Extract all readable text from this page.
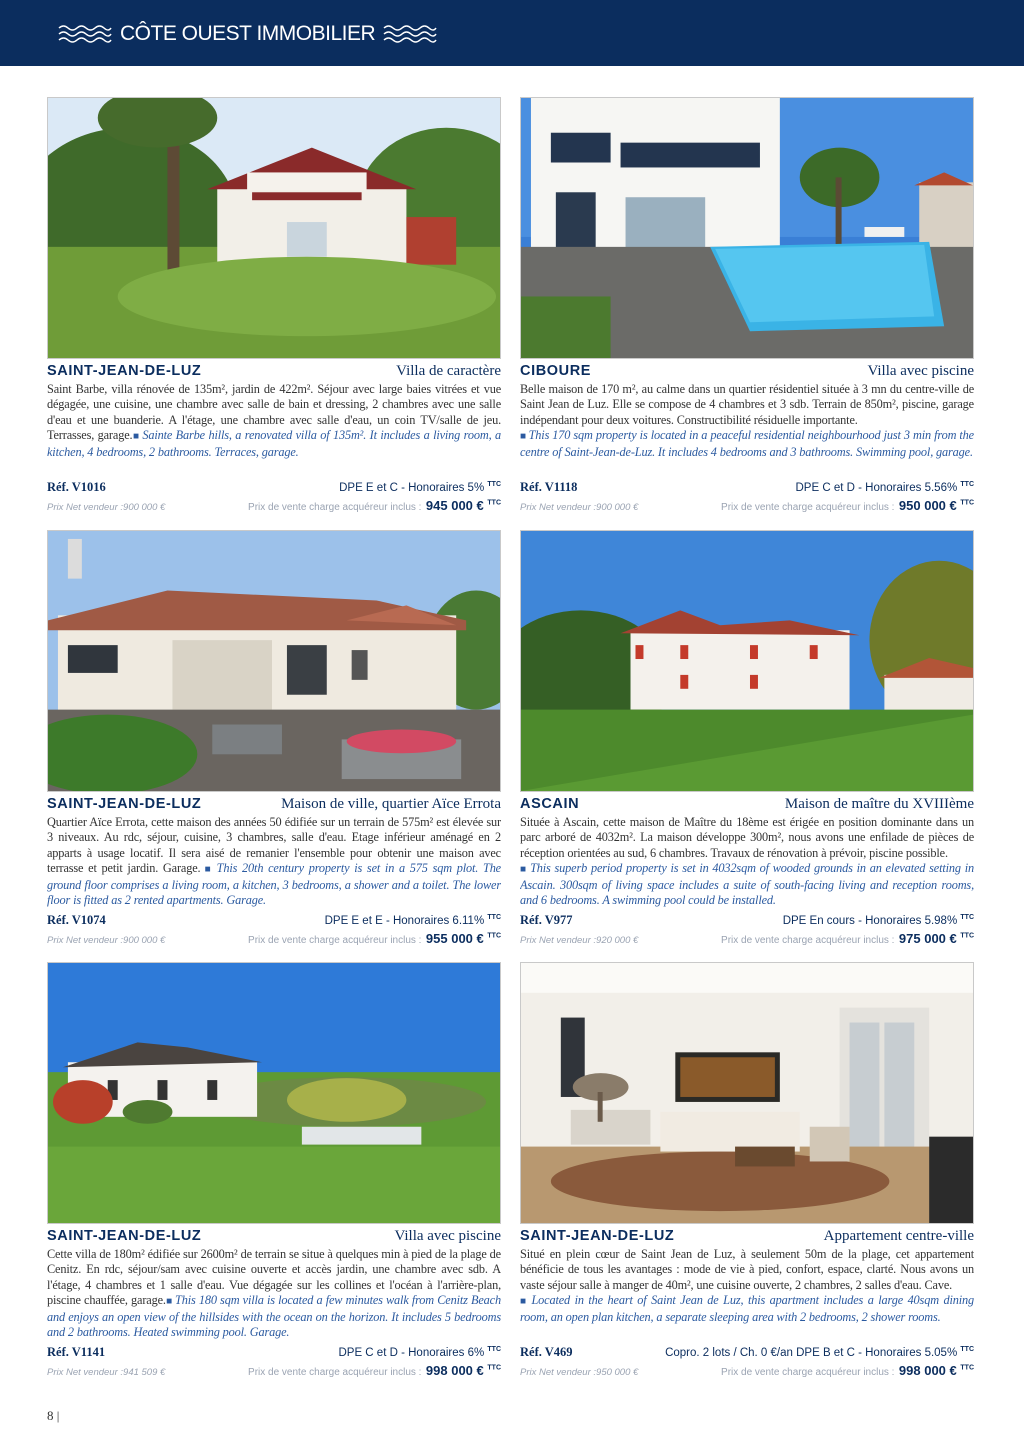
CÔTE OUEST IMMOBILIER
SAINT-JEAN-DE-LUZ	Villa de caractère
Saint Barbe, villa rénovée de 135m², jardin de 422m². Séjour avec large baies vitrées et vue dégagée, une cuisine, une chambre avec salle de bain et dressing, 2 chambres avec une salle d'eau et une buanderie. A l'étage, une chambre avec salle d'eau, un coin TV/salle de jeu. Terrasses, garage.■ Sainte Barbe hills, a renovated villa of 135m². It includes a living room, a kitchen, 4 bedrooms, 2 bathrooms. Terraces, garage.
Réf. V1016	DPE E et C - Honoraires 5% $^{TTC}$
Prix Net vendeur :900 000 €	Prix de vente charge acquéreur inclus : 945 000 € $^{TTC}$
CIBOURE	Villa avec piscine
Belle maison de 170 m², au calme dans un quartier résidentiel située à 3 mn du centre-ville de Saint Jean de Luz. Elle se compose de 4 chambres et 3 sdb. Terrain de 850m², piscine, garage indépendant pour deux voitures. Constructibilité résiduelle importante.
■ This 170 sqm property is located in a peaceful residential neighbourhood just 3 min from the centre of Saint-Jean-de-Luz. It includes 4 bedrooms and 3 bathrooms. Swimming pool, garage.
Réf. V1118	DPE C et D - Honoraires 5.56% $^{TTC}$
Prix Net vendeur :900 000 €	Prix de vente charge acquéreur inclus : 950 000 € $^{TTC}$
SAINT-JEAN-DE-LUZ	Maison de ville, quartier Aïce Errota
Quartier Aïce Errota, cette maison des années 50 édifiée sur un terrain de 575m² est élevée sur 3 niveaux. Au rdc, séjour, cuisine, 3 chambres, salle d'eau. Etage inférieur aménagé en 2 apparts à usage locatif. Il sera aisé de remanier l'ensemble pour obtenir une maison avec terrasse et petit jardin. Garage. ■ This 20th century property is set in a 575 sqm plot. The ground floor comprises a living room, a kitchen, 3 bedrooms, a shower and a toilet. The lower floor is fitted as 2 rented apartments. Garage.
Réf. V1074	DPE E et E - Honoraires 6.11% $^{TTC}$
Prix Net vendeur :900 000 €	Prix de vente charge acquéreur inclus : 955 000 € $^{TTC}$
ASCAIN	Maison de maître du XVIIIème
Située à Ascain, cette maison de Maître du 18ème est érigée en position dominante dans un parc arboré de 4032m². La maison développe 300m², nous avons une enfilade de pièces de réception orientées au sud, 6 chambres. Travaux de rénovation à prévoir, piscine possible.
■ This superb period property is set in 4032sqm of wooded grounds in an elevated setting in Ascain. 300sqm of living space includes a suite of south-facing living and reception rooms, and 6 bedrooms. A swimming pool could be installed.
Réf. V977	DPE En cours - Honoraires 5.98% $^{TTC}$
Prix Net vendeur :920 000 €	Prix de vente charge acquéreur inclus : 975 000 € $^{TTC}$
SAINT-JEAN-DE-LUZ	Villa avec piscine
Cette villa de 180m² édifiée sur 2600m² de terrain se situe à quelques min à pied de la plage de Cenitz. En rdc, séjour/sam avec cuisine ouverte et accès jardin, une chambre avec sdb. A l'étage, 4 chambres et 1 salle d'eau. Vue dégagée sur les collines et l'océan à l'arrière-plan, piscine chauffée, garage.■ This 180 sqm villa is located a few minutes walk from Cenitz Beach and enjoys an open view of the hillsides with the ocean on the horizon. It includes 5 bedrooms and 2 bathrooms. Heated swimming pool. Garage.
Réf. V1141	DPE C et D - Honoraires 6% $^{TTC}$
Prix Net vendeur :941 509 €	Prix de vente charge acquéreur inclus : 998 000 € $^{TTC}$
SAINT-JEAN-DE-LUZ	Appartement centre-ville
Situé en plein cœur de Saint Jean de Luz, à seulement 50m de la plage, cet appartement bénéficie de tous les avantages : mode de vie à pied, confort, espace, clarté. Nous avons un vaste séjour salle à manger de 40m², une cuisine ouverte, 2 chambres, 2 salles d'eau. Cave.
■ Located in the heart of Saint Jean de Luz, this apartment includes a large 40sqm dining room, an open plan kitchen, a separate sleeping area with 2 bedrooms, 2 shower rooms.
Réf. V469	Copro. 2 lots / Ch. 0 €/an DPE B et C - Honoraires 5.05% $^{TTC}$
Prix Net vendeur :950 000 €	Prix de vente charge acquéreur inclus : 998 000 € $^{TTC}$
8 |
